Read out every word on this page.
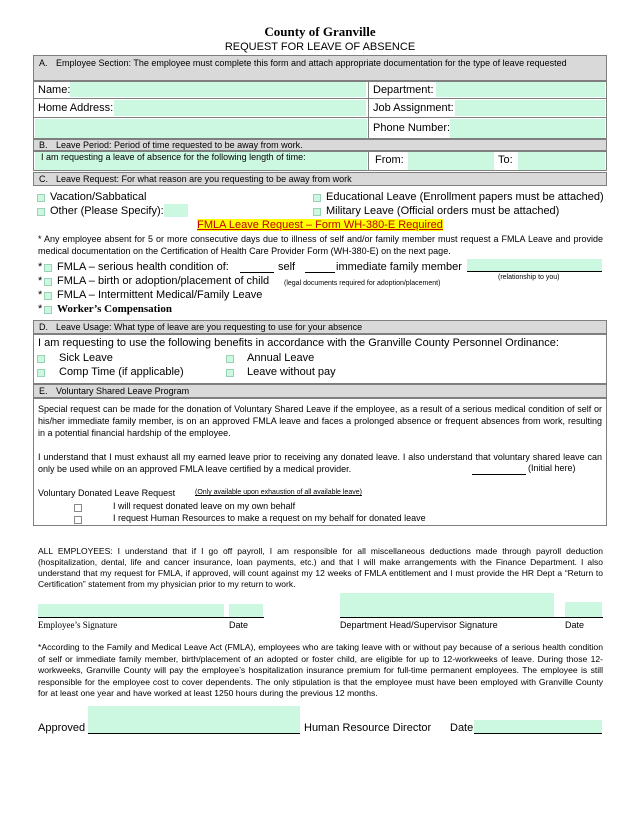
County of Granville
REQUEST FOR LEAVE OF ABSENCE
A. Employee Section: The employee must complete this form and attach appropriate documentation for the type of leave requested
Name:	Department:
Home Address:	Job Assignment:
Phone Number:
B. Leave Period: Period of time requested to be away from work.
I am requesting a leave of absence for the following length of time:	From:	To:
C. Leave Request: For what reason are you requesting to be away from work
Vacation/Sabbatical
Other (Please Specify):
Educational Leave (Enrollment papers must be attached)
Military Leave (Official orders must be attached)
FMLA Leave Request – Form WH-380-E Required
* Any employee absent for 5 or more consecutive days due to illness of self and/or family member must request a FMLA Leave and provide medical documentation on the Certification of Health Care Provider Form (WH-380-E) on the next page.
* FMLA – serious health condition of:	self	immediate family member
(relationship to you)
* FMLA – birth or adoption/placement of child (legal documents required for adoption/placement)
* FMLA – Intermittent Medical/Family Leave
* Worker’s Compensation
D. Leave Usage: What type of leave are you requesting to use for your absence
I am requesting to use the following benefits in accordance with the Granville County Personnel Ordinance:
Sick Leave
Comp Time (if applicable)
Annual Leave
Leave without pay
E. Voluntary Shared Leave Program
Special request can be made for the donation of Voluntary Shared Leave if the employee, as a result of a serious medical condition of self or his/her immediate family member, is on an approved FMLA leave and faces a prolonged absence or frequent absences from work, resulting in a potential financial hardship of the employee.
I understand that I must exhaust all my earned leave prior to receiving any donated leave. I also understand that voluntary shared leave can only be used while on an approved FMLA leave certified by a medical provider.	(Initial here)
Voluntary Donated Leave Request	(Only available upon exhaustion of all available leave)
I will request donated leave on my own behalf
I request Human Resources to make a request on my behalf for donated leave
ALL EMPLOYEES: I understand that if I go off payroll, I am responsible for all miscellaneous deductions made through payroll deduction (hospitalization, dental, life and cancer insurance, loan payments, etc.) and that I will make arrangements with the Finance Department. I also understand that my request for FMLA, if approved, will count against my 12 weeks of FMLA entitlement and I must provide the HR Dept a “Return to Certification” statement from my physician prior to my return to work.
Employee’s Signature	Date	Department Head/Supervisor Signature	Date
*According to the Family and Medical Leave Act (FMLA), employees who are taking leave with or without pay because of a serious health condition of self or immediate family member, birth/placement of an adopted or foster child, are eligible for up to 12-workweeks of leave. During those 12-workweeks, Granville County will pay the employee’s hospitalization insurance premium for full-time permanent employees. The employee is still responsible for the employee cost to cover dependents. The only stipulation is that the employee must have been employed with Granville County for at least one year and have worked at least 1250 hours during the previous 12 months.
Approved	Human Resource Director Date
